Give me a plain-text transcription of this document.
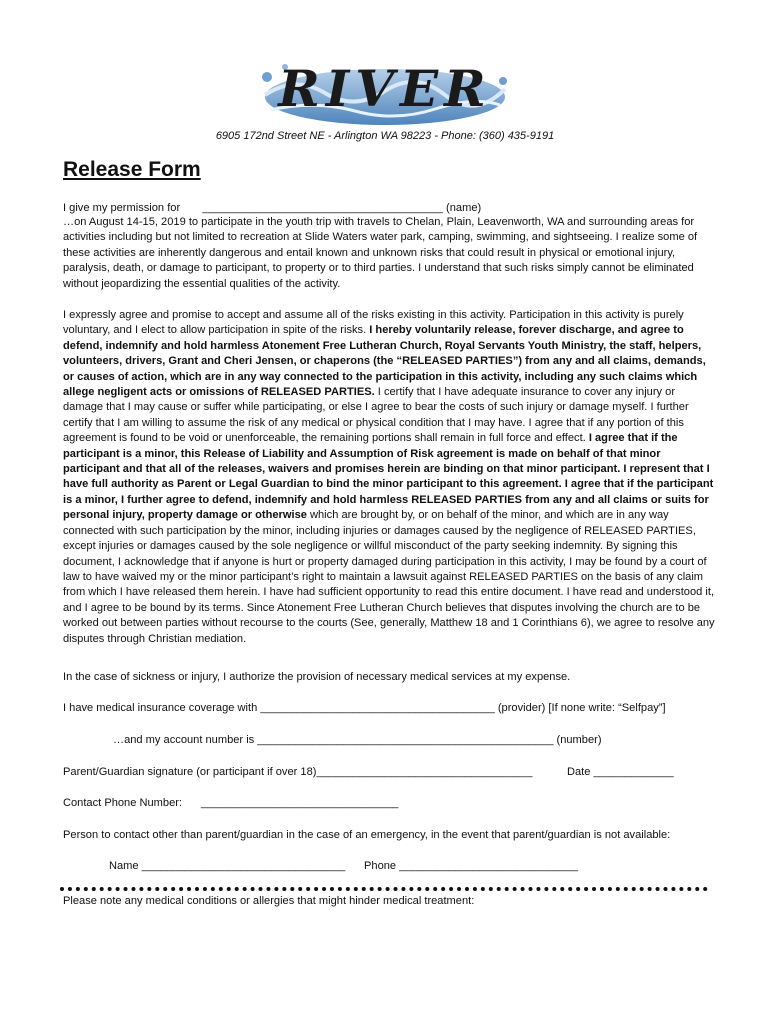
RIVER
6905 172nd Street NE - Arlington WA 98223 - Phone: (360) 435-9191
Release Form
I give my permission for _______________________________________ (name)

…on August 14-15, 2019 to participate in the youth trip with travels to Chelan, Plain, Leavenworth, WA and surrounding areas for activities including but not limited to recreation at Slide Waters water park, camping, swimming, and sightseeing. I realize some of these activities are inherently dangerous and entail known and unknown risks that could result in physical or emotional injury, paralysis, death, or damage to participant, to property or to third parties. I understand that such risks simply cannot be eliminated without jeopardizing the essential qualities of the activity.

I expressly agree and promise to accept and assume all of the risks existing in this activity. Participation in this activity is purely voluntary, and I elect to allow participation in spite of the risks. I hereby voluntarily release, forever discharge, and agree to defend, indemnify and hold harmless Atonement Free Lutheran Church, Royal Servants Youth Ministry, the staff, helpers, volunteers, drivers, Grant and Cheri Jensen, or chaperons (the “RELEASED PARTIES”) from any and all claims, demands, or causes of action, which are in any way connected to the participation in this activity, including any such claims which allege negligent acts or omissions of RELEASED PARTIES. I certify that I have adequate insurance to cover any injury or damage that I may cause or suffer while participating, or else I agree to bear the costs of such injury or damage myself. I further certify that I am willing to assume the risk of any medical or physical condition that I may have. I agree that if any portion of this agreement is found to be void or unenforceable, the remaining portions shall remain in full force and effect. I agree that if the participant is a minor, this Release of Liability and Assumption of Risk agreement is made on behalf of that minor participant and that all of the releases, waivers and promises herein are binding on that minor participant. I represent that I have full authority as Parent or Legal Guardian to bind the minor participant to this agreement. I agree that if the participant is a minor, I further agree to defend, indemnify and hold harmless RELEASED PARTIES from any and all claims or suits for personal injury, property damage or otherwise which are brought by, or on behalf of the minor, and which are in any way connected with such participation by the minor, including injuries or damages caused by the negligence of RELEASED PARTIES, except injuries or damages caused by the sole negligence or willful misconduct of the party seeking indemnity. By signing this document, I acknowledge that if anyone is hurt or property damaged during participation in this activity, I may be found by a court of law to have waived my or the minor participant’s right to maintain a lawsuit against RELEASED PARTIES on the basis of any claim from which I have released them herein. I have had sufficient opportunity to read this entire document. I have read and understood it, and I agree to be bound by its terms. Since Atonement Free Lutheran Church believes that disputes involving the church are to be worked out between parties without recourse to the courts (See, generally, Matthew 18 and 1 Corinthians 6), we agree to resolve any disputes through Christian mediation.

In the case of sickness or injury, I authorize the provision of necessary medical services at my expense.

I have medical insurance coverage with ______________________________________ (provider) [If none write: “Selfpay”]
…and my account number is ________________________________________________ (number)
Parent/Guardian signature (or participant if over 18)___________________________________	Date _____________
Contact Phone Number: ________________________________
Person to contact other than parent/guardian in the case of an emergency, in the event that parent/guardian is not available:
Name _________________________________ Phone _____________________________
Please note any medical conditions or allergies that might hinder medical treatment:
